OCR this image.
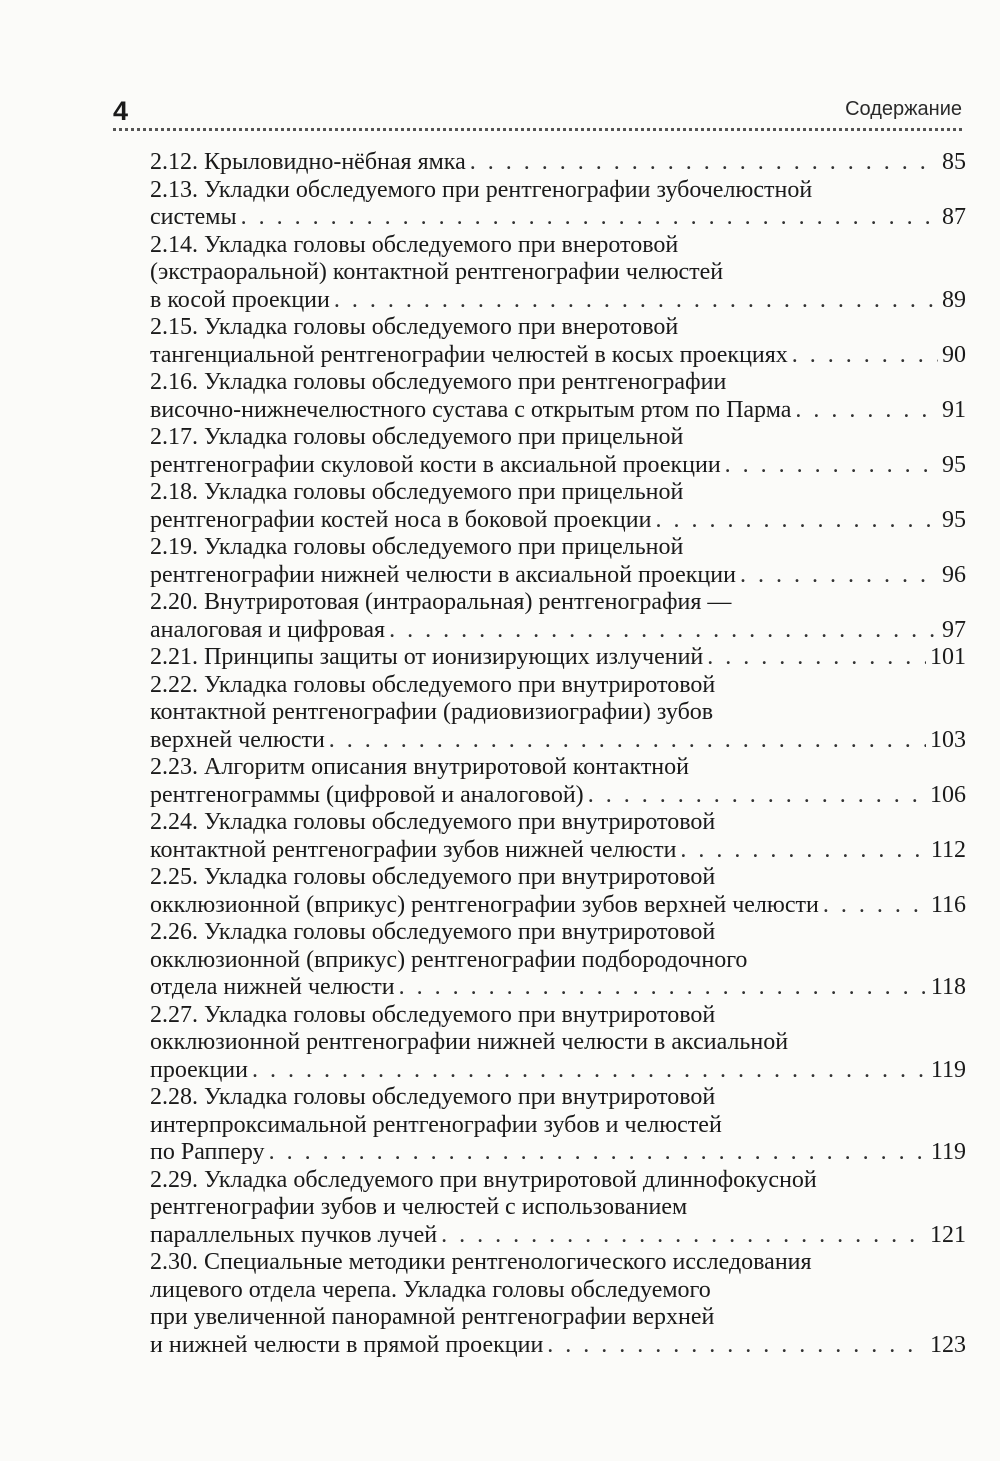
4	Содержание
2.12. Крыловидно-нёбная ямка . . .	85
2.13. Укладки обследуемого при рентгенографии зубочелюстной
системы . . .	87
2.14. Укладка головы обследуемого при внеротовой
(экстраоральной) контактной рентгенографии челюстей
в косой проекции . . .	89
2.15. Укладка головы обследуемого при внеротовой
тангенциальной рентгенографии челюстей в косых проекциях . . .	90
2.16. Укладка головы обследуемого при рентгенографии
височно-нижнечелюстного сустава с открытым ртом по Парма . . .	91
2.17. Укладка головы обследуемого при прицельной
рентгенографии скуловой кости в аксиальной проекции . . .	95
2.18. Укладка головы обследуемого при прицельной
рентгенографии костей носа в боковой проекции . . .	95
2.19. Укладка головы обследуемого при прицельной
рентгенографии нижней челюсти в аксиальной проекции . . .	96
2.20. Внутриротовая (интраоральная) рентгенография —
аналоговая и цифровая . . .	97
2.21. Принципы защиты от ионизирующих излучений . . .	101
2.22. Укладка головы обследуемого при внутриротовой
контактной рентгенографии (радиовизиографии) зубов
верхней челюсти . . .	103
2.23. Алгоритм описания внутриротовой контактной
рентгенограммы (цифровой и аналоговой) . . .	106
2.24. Укладка головы обследуемого при внутриротовой
контактной рентгенографии зубов нижней челюсти . . .	112
2.25. Укладка головы обследуемого при внутриротовой
окклюзионной (вприкус) рентгенографии зубов верхней челюсти . . .	116
2.26. Укладка головы обследуемого при внутриротовой
окклюзионной (вприкус) рентгенографии подбородочного
отдела нижней челюсти . . .	118
2.27. Укладка головы обследуемого при внутриротовой
окклюзионной рентгенографии нижней челюсти в аксиальной
проекции . . .	119
2.28. Укладка головы обследуемого при внутриротовой
интерпроксимальной рентгенографии зубов и челюстей
по Рапперу . . .	119
2.29. Укладка обследуемого при внутриротовой длиннофокусной
рентгенографии зубов и челюстей с использованием
параллельных пучков лучей . . .	121
2.30. Специальные методики рентгенологического исследования
лицевого отдела черепа. Укладка головы обследуемого
при увеличенной панорамной рентгенографии верхней
и нижней челюсти в прямой проекции . . .	123
